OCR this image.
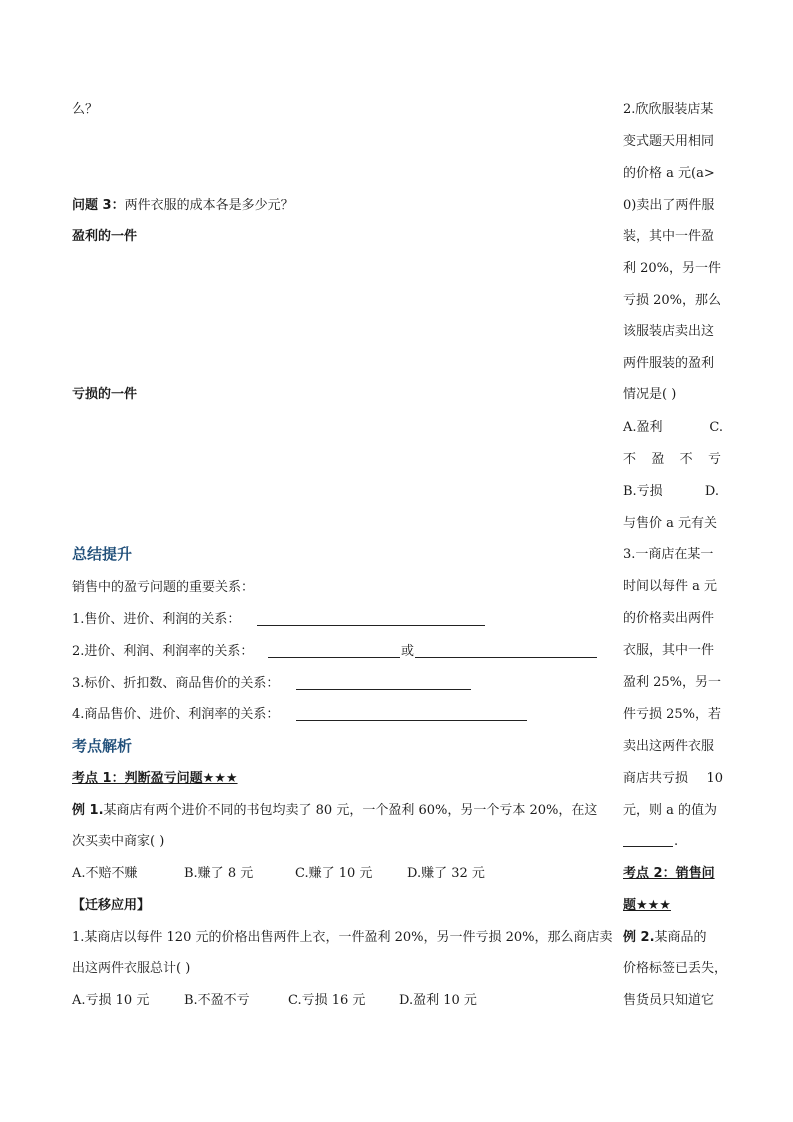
么？
问题 3：两件衣服的成本各是多少元？
盈利的一件
亏损的一件
总结提升
销售中的盈亏问题的重要关系：
1.售价、进价、利润的关系：
2.进价、利润、利润率的关系：	或
3.标价、折扣数、商品售价的关系：
4.商品售价、进价、利润率的关系：
考点解析
考点 1：判断盈亏问题★★★
例 1.某商店有两个进价不同的书包均卖了 80 元，一个盈利 60%，另一个亏本 20%，在这
次买卖中商家( )
A.不赔不赚	B.赚了 8 元	C.赚了 10 元	D.赚了 32 元
【迁移应用】
1.某商店以每件 120 元的价格出售两件上衣，一件盈利 20%，另一件亏损 20%，那么商店卖
出这两件衣服总计( )
A.亏损 10 元	B.不盈不亏	C.亏损 16 元	D.盈利 10 元
2.欣欣服装店某
变式题天用相同
的价格 a 元(a>
0)卖出了两件服
装，其中一件盈
利 20%，另一件
亏损 20%，那么
该服装店卖出这
两件服装的盈利
情况是( )
A.盈利	C.
不 盈 不 亏
B.亏损	D.
与售价 a 元有关
3.一商店在某一
时间以每件 a 元
的价格卖出两件
衣服，其中一件
盈利 25%，另一
件亏损 25%，若
卖出这两件衣服
商店共亏损 10
元，则 a 的值为
.
考点 2：销售问
题★★★
例 2.某商品的
价格标签已丢失，
售货员只知道它
